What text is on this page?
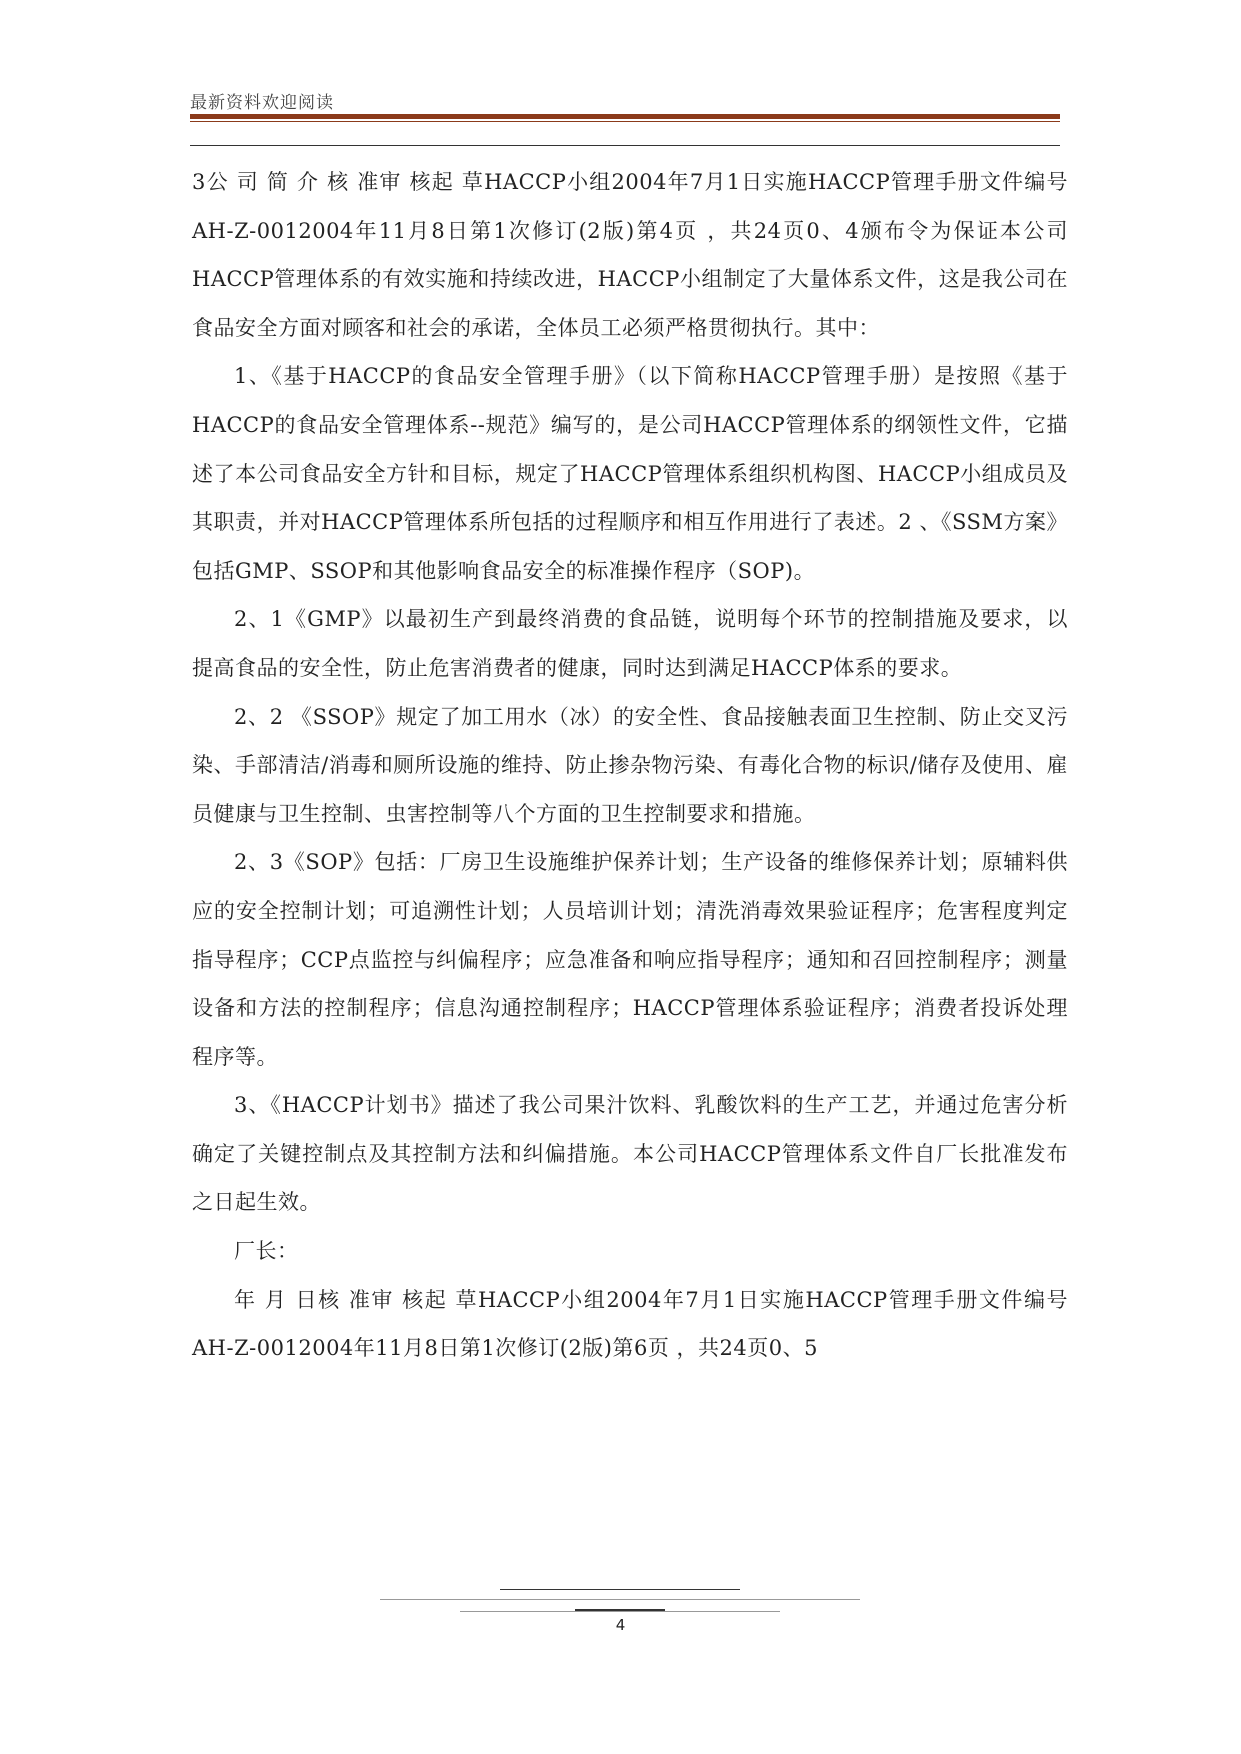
最新资料欢迎阅读

3公 司 简 介 核 准审 核起 草HACCP小组2004年7月1日实施HACCP管理手册文件编号AH-Z-0012004年11月8日第1次修订(2版)第4页 ，共24页0、4颁布令为保证本公司HACCP管理体系的有效实施和持续改进，HACCP小组制定了大量体系文件，这是我公司在食品安全方面对顾客和社会的承诺，全体员工必须严格贯彻执行。其中：

1、《基于HACCP的食品安全管理手册》（以下简称HACCP管理手册）是按照《基于HACCP的食品安全管理体系--规范》编写的，是公司HACCP管理体系的纲领性文件，它描述了本公司食品安全方针和目标，规定了HACCP管理体系组织机构图、HACCP小组成员及其职责，并对HACCP管理体系所包括的过程顺序和相互作用进行了表述。2 、《SSM方案》包括GMP、SSOP和其他影响食品安全的标准操作程序（SOP)。

2、1《GMP》以最初生产到最终消费的食品链，说明每个环节的控制措施及要求，以提高食品的安全性，防止危害消费者的健康，同时达到满足HACCP体系的要求。

2、2 《SSOP》规定了加工用水（冰）的安全性、食品接触表面卫生控制、防止交叉污染、手部清洁/消毒和厕所设施的维持、防止掺杂物污染、有毒化合物的标识/储存及使用、雇员健康与卫生控制、虫害控制等八个方面的卫生控制要求和措施。

2、3《SOP》包括：厂房卫生设施维护保养计划；生产设备的维修保养计划；原辅料供应的安全控制计划；可追溯性计划；人员培训计划；清洗消毒效果验证程序；危害程度判定指导程序；CCP点监控与纠偏程序；应急准备和响应指导程序；通知和召回控制程序；测量设备和方法的控制程序；信息沟通控制程序；HACCP管理体系验证程序；消费者投诉处理程序等。

3、《HACCP计划书》描述了我公司果汁饮料、乳酸饮料的生产工艺，并通过危害分析确定了关键控制点及其控制方法和纠偏措施。本公司HACCP管理体系文件自厂长批准发布之日起生效。

厂长：

年 月 日核 准审 核起 草HACCP小组2004年7月1日实施HACCP管理手册文件编号AH-Z-0012004年11月8日第1次修订(2版)第6页 ，共24页0、5

4
